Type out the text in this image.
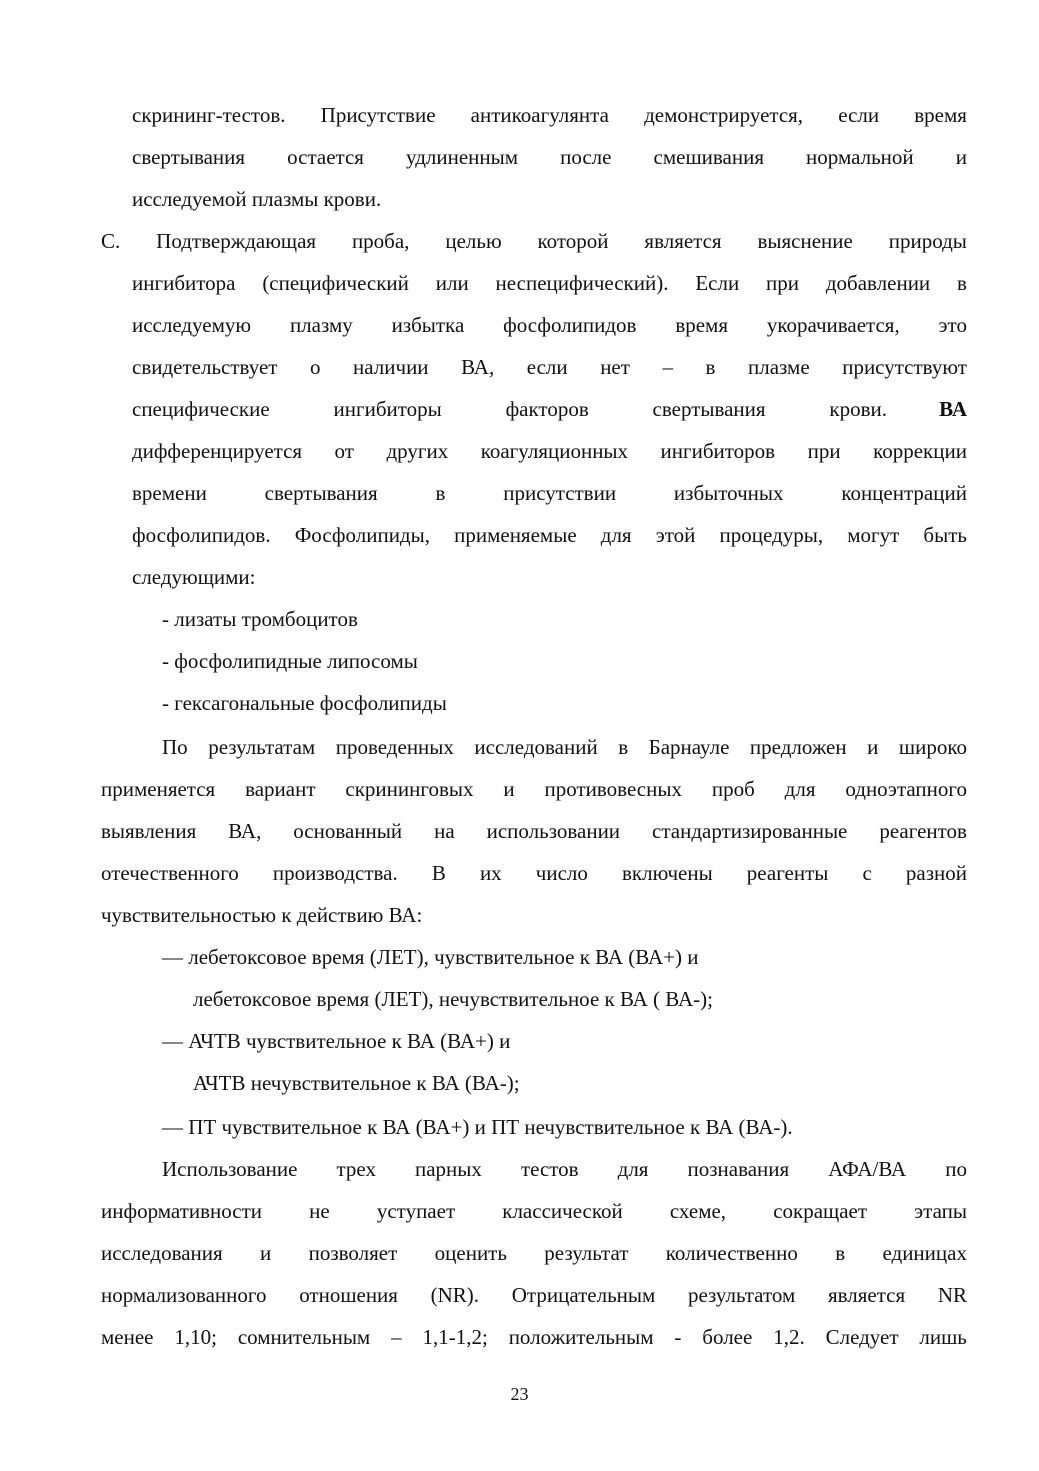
скрининг-тестов. Присутствие антикоагулянта демонстрируется, если время
свертывания остается удлиненным после смешивания нормальной и
исследуемой плазмы крови.
C. Подтверждающая проба, целью которой является выяснение природы
ингибитора (специфический или неспецифический). Если при добавлении в
исследуемую плазму избытка фосфолипидов время укорачивается, это
свидетельствует о наличии ВА, если нет – в плазме присутствуют
специфические	ингибиторы	факторов	свертывания	крови. ВА
дифференцируется от других коагуляционных ингибиторов при коррекции
времени	свертывания	в	присутствии	избыточных	концентраций
фосфолипидов. Фосфолипиды, применяемые для этой процедуры, могут быть
следующими:
- лизаты тромбоцитов
- фосфолипидные липосомы
- гексагональные фосфолипиды
По результатам проведенных исследований в Барнауле предложен и широко
применяется вариант скрининговых и противовесных проб для одноэтапного
выявления ВА, основанный на использовании стандартизированные реагентов
отечественного производства. В их число включены реагенты с разной
чувствительностью к действию ВА:
— лебетоксовое время (ЛЕТ), чувствительное к ВА (ВА+) и
лебетоксовое время (ЛЕТ), нечувствительное к ВА ( ВА-);
— АЧТВ чувствительное к ВА (ВА+) и
АЧТВ нечувствительное к ВА (ВА-);
— ПТ чувствительное к ВА (ВА+) и ПТ нечувствительное к ВА (ВА-).
Использование трех парных тестов для познавания АФА/ВА по
информативности не уступает классической схеме, сокращает этапы
исследования и позволяет оценить результат количественно в единицах
нормализованного отношения (NR). Отрицательным результатом является NR
менее 1,10; сомнительным – 1,1-1,2; положительным - более 1,2. Следует лишь
23
